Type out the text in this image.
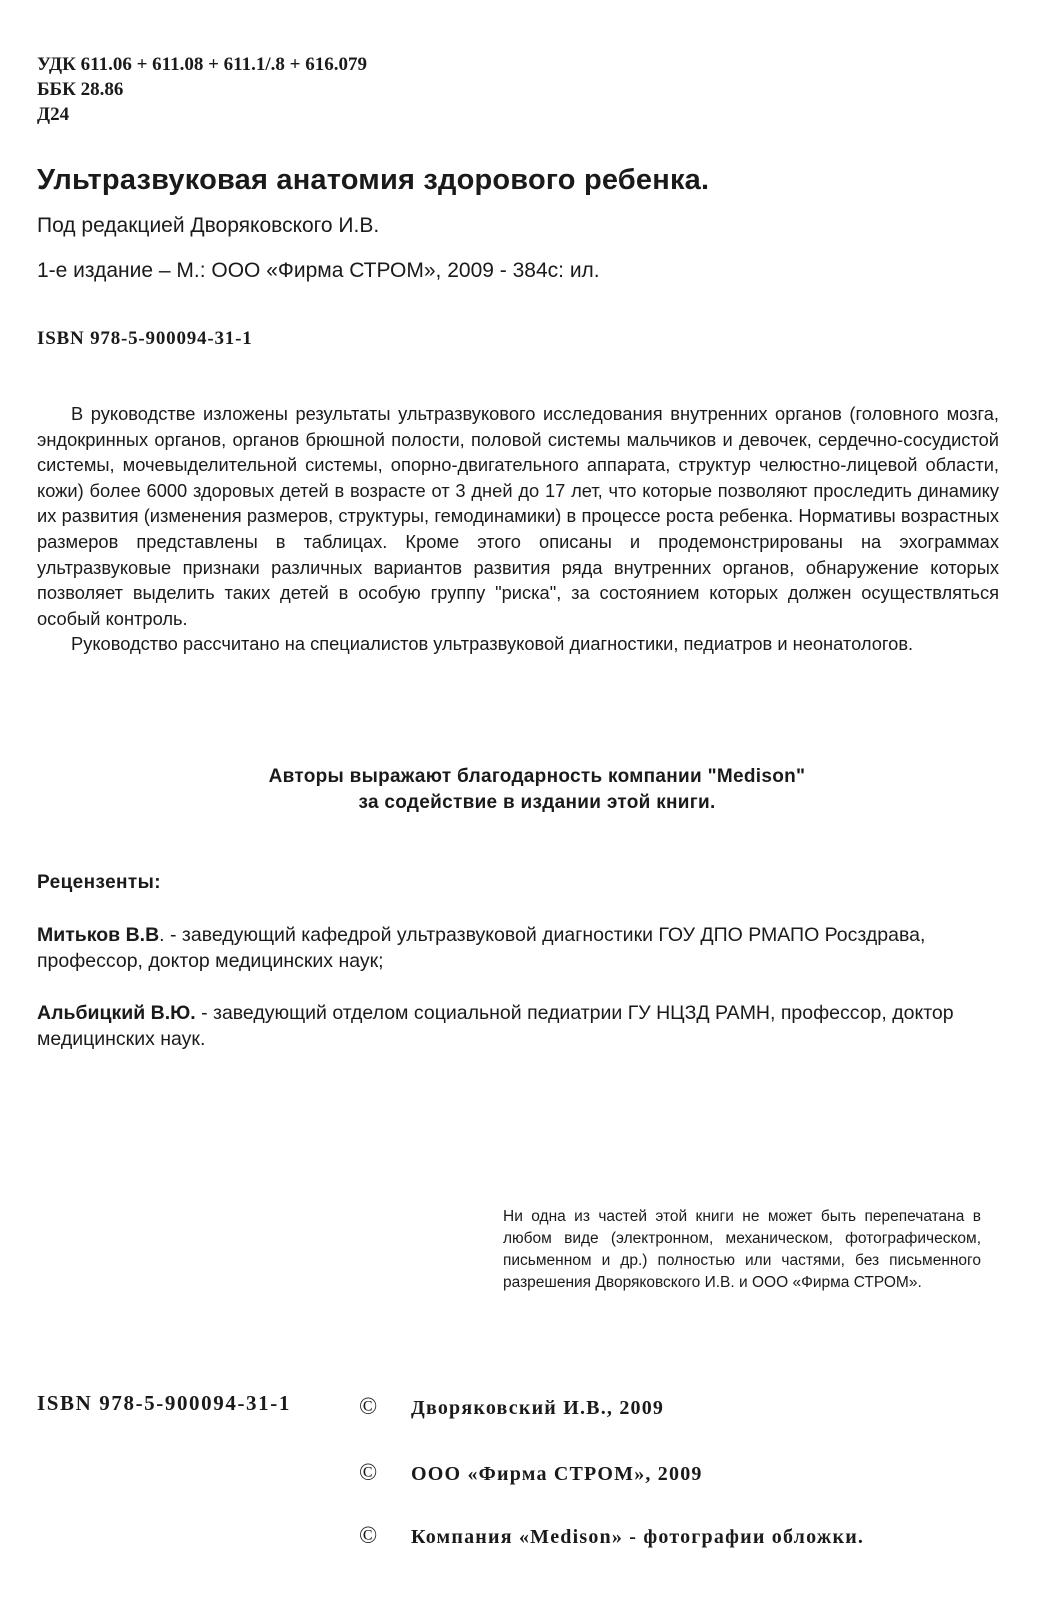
УДК 611.06 + 611.08 + 611.1/.8 + 616.079
ББК 28.86
Д24
Ультразвуковая анатомия здорового ребенка.
Под редакцией Дворяковского И.В.
1-е издание – М.: ООО «Фирма СТРОМ», 2009 - 384с: ил.
ISBN 978-5-900094-31-1

В руководстве изложены результаты ультразвукового исследования внутренних органов (головного мозга, эндокринных органов, органов брюшной полости, половой системы мальчиков и девочек, сердечно-сосудистой системы, мочевыделительной системы, опорно-двигательного аппарата, структур челюстно-лицевой области, кожи) более 6000 здоровых детей в возрасте от 3 дней до 17 лет, что которые позволяют проследить динамику их развития (изменения размеров, структуры, гемодинамики) в процессе роста ребенка. Нормативы возрастных размеров представлены в таблицах. Кроме этого описаны и продемонстрированы на эхограммах ультразвуковые признаки различных вариантов развития ряда внутренних органов, обнаружение которых позволяет выделить таких детей в особую группу "риска", за состоянием которых должен осуществляться особый контроль.

Руководство рассчитано на специалистов ультразвуковой диагностики, педиатров и неонатологов.

Авторы выражают благодарность компании "Medison"
за содействие в издании этой книги.
Рецензенты:
Митьков В.В. - заведующий кафедрой ультразвуковой диагностики ГОУ ДПО РМАПО Росздрава, профессор, доктор медицинских наук;
Альбицкий В.Ю. - заведующий отделом социальной педиатрии ГУ НЦЗД РАМН, профессор, доктор медицинских наук.
Ни одна из частей этой книги не может быть перепечатана в любом виде (электронном, механическом, фотографическом, письменном и др.) полностью или частями, без письменного разрешения Дворяковского И.В. и ООО «Фирма СТРОМ».
ISBN 978-5-900094-31-1	© Дворяковский И.В., 2009
© ООО «Фирма СТРОМ», 2009
© Компания «Medison» - фотографии обложки.
